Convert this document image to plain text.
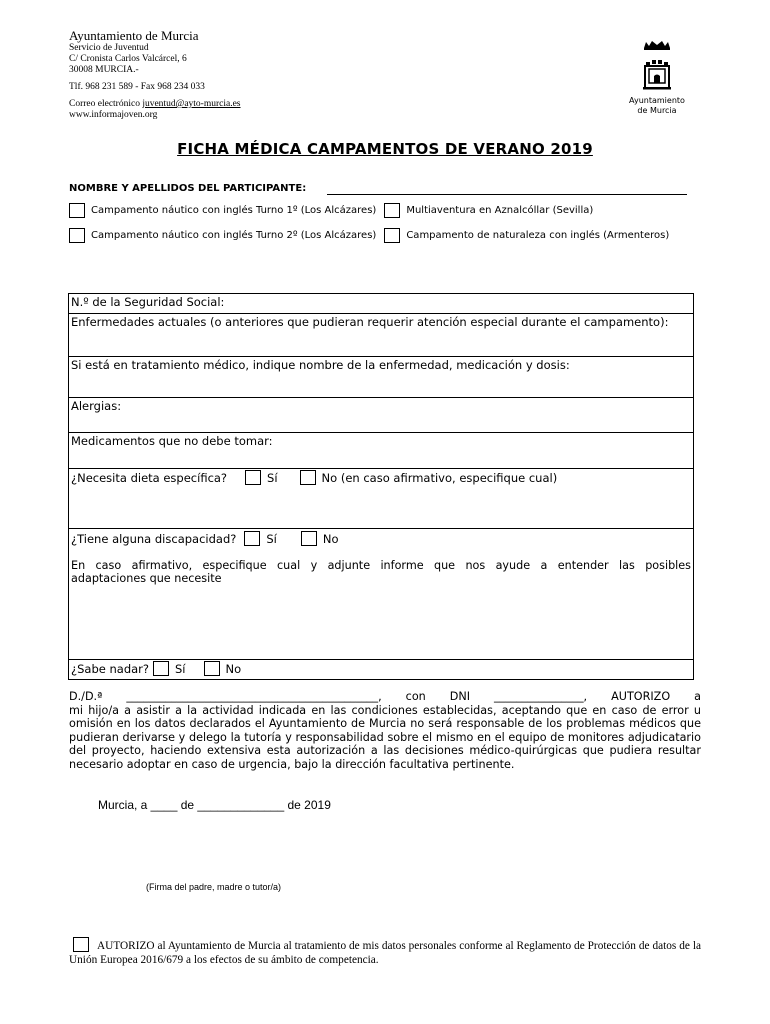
Ayuntamiento de Murcia
Servicio de Juventud
C/ Cronista Carlos Valcárcel, 6
30008 MURCIA.-
Tlf. 968 231 589 - Fax 968 234 033
Correo electrónico juventud@ayto-murcia.es
www.informajoven.org
Ayuntamiento
de Murcia
FICHA MÉDICA CAMPAMENTOS DE VERANO 2019
NOMBRE Y APELLIDOS DEL PARTICIPANTE:
Campamento náutico con inglés Turno 1º (Los Alcázares)	Multiaventura en Aznalcóllar (Sevilla)
Campamento náutico con inglés Turno 2º (Los Alcázares)	Campamento de naturaleza con inglés (Armenteros)
N.º de la Seguridad Social:
Enfermedades actuales (o anteriores que pudieran requerir atención especial durante el campamento):
Si está en tratamiento médico, indique nombre de la enfermedad, medicación y dosis:
Alergias:
Medicamentos que no debe tomar:
¿Necesita dieta específica?	Sí	No (en caso afirmativo, especifique cual)
¿Tiene alguna discapacidad?	Sí	No
En caso afirmativo, especifique cual y adjunte informe que nos ayude a entender las posibles
adaptaciones que necesite
¿Sabe nadar? Sí	No
D./D.ª _____________________________________________, con DNI ________________, AUTORIZO a
mi hijo/a a asistir a la actividad indicada en las condiciones establecidas, aceptando que en caso de error u omisión en los datos declarados el Ayuntamiento de Murcia no será responsable de los problemas médicos que pudieran derivarse y delego la tutoría y responsabilidad sobre el mismo en el equipo de monitores adjudicatario del proyecto, haciendo extensiva esta autorización a las decisiones médico-quirúrgicas que pudiera resultar necesario adoptar en caso de urgencia, bajo la dirección facultativa pertinente.
Murcia, a ____ de _____________ de 2019
(Firma del padre, madre o tutor/a)
AUTORIZO al Ayuntamiento de Murcia al tratamiento de mis datos personales conforme al Reglamento de Protección de datos de la Unión Europea 2016/679 a los efectos de su ámbito de competencia.
